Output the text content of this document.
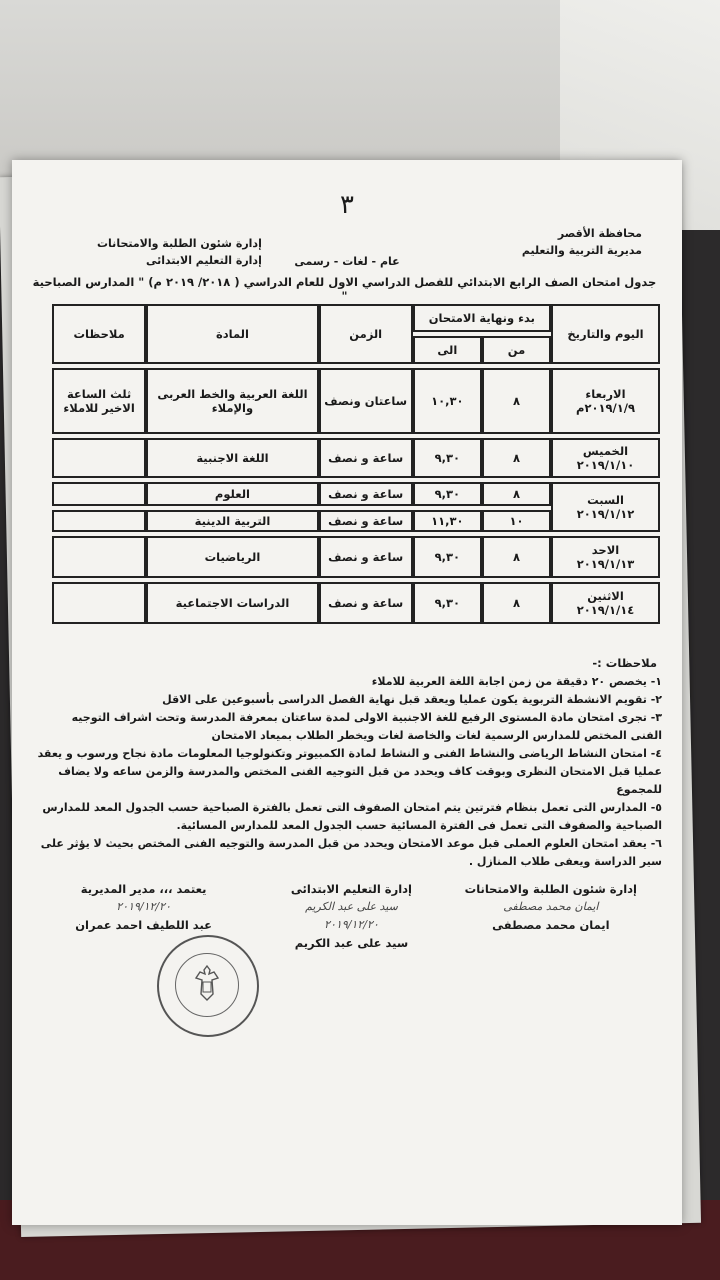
٣
محافظة الأقصر
مديرية التربية والتعليم
إدارة شئون الطلبة والامتحانات
إدارة التعليم الابتدائى	عام - لغات - رسمى
جدول امتحان الصف الرابع الابتدائي للفصل الدراسي الاول للعام الدراسي ( ٢٠١٨/ ٢٠١٩ م) " المدارس الصباحية "
اليوم والتاريخ	بدء ونهاية الامتحان		الزمن	المادة	ملاحظات
	من	الى			

الاربعاء
٢٠١٩/١/٩م	٨	١٠,٣٠	ساعتان ونصف	اللغة العربية والخط العربى والإملاء	ثلث الساعة الاخير للاملاء

الخميس
٢٠١٩/١/١٠	٨	٩,٣٠	ساعة و نصف	اللغة الاجنبية	

السبت
٢٠١٩/١/١٢	٨	٩,٣٠	ساعة و نصف	العلوم	
	١٠	١١,٣٠	ساعة و نصف	التربية الدينية	

الاحد
٢٠١٩/١/١٣	٨	٩,٣٠	ساعة و نصف	الرياضيات	

الاثنين
٢٠١٩/١/١٤	٨	٩,٣٠	ساعة و نصف	الدراسات الاجتماعية	
ملاحظات :-

١- يخصص ٢٠ دقيقة من زمن اجابة اللغة العربية للاملاء

٢- تقويم الانشطة التربوية يكون عمليا ويعقد قبل نهاية الفصل الدراسى بأسبوعين على الاقل

٣- تجرى امتحان مادة المستوى الرفيع للغة الاجنبية الاولى لمدة ساعتان بمعرفة المدرسة وتحت اشراف التوجيه الفنى المختص للمدارس الرسمية لغات والخاصة لغات ويخطر الطلاب بميعاد الامتحان

٤- امتحان النشاط الرياضى والنشاط الفنى و النشاط لمادة الكمبيوتر وتكنولوجيا المعلومات مادة نجاح ورسوب و يعقد عمليا قبل الامتحان النظرى وبوقت كاف ويحدد من قبل التوجيه الفنى المختص والمدرسة والزمن ساعه ولا يضاف للمجموع

٥- المدارس التى تعمل بنظام فترتين يتم امتحان الصفوف التى تعمل بالفترة الصباحية حسب الجدول المعد للمدارس الصباحية والصفوف التى تعمل فى الفترة المسائية حسب الجدول المعد للمدارس المسائية.

٦- يعقد امتحان العلوم العملى قبل موعد الامتحان ويحدد من قبل المدرسة والتوجيه الفنى المختص بحيث لا يؤثر على سير الدراسة ويعفى طلاب المنازل .

إدارة شئون الطلبة والامتحانات
ايمان محمد مصطفى
ايمان محمد مصطفى
إدارة التعليم الابتدائى
سيد على عبد الكريم
٢٠١٩/١٢/٢٠
سيد على عبد الكريم
يعتمد ،،، مدير المديرية
٢٠١٩/١٢/٢٠
عبد اللطيف احمد عمران
